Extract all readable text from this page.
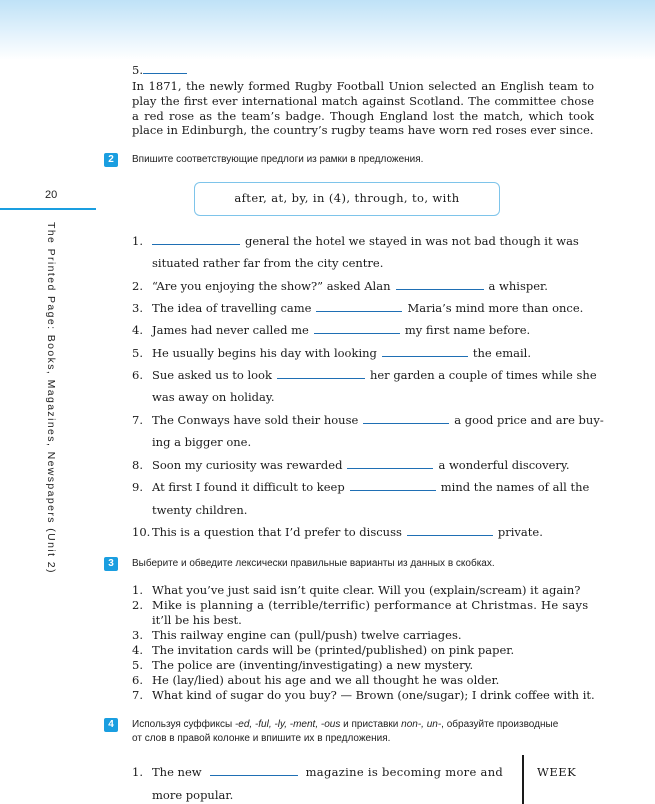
20
The Printed Page: Books, Magazines, Newspapers (Unit 2)
5.
In 1871, the newly formed Rugby Football Union selected an English team to play the first ever international match against Scotland. The committee chose a red rose as the team’s badge. Though England lost the match, which took place in Edinburgh, the country’s rugby teams have worn red roses ever since.
2	Впишите соответствующие предлоги из рамки в предложения.
after, at, by, in (4), through, to, with
1.	general the hotel we stayed in was not bad though it was
situated rather far from the city centre.
2. “Are you enjoying the show?” asked Alan	a whisper.
3. The idea of travelling came	Maria’s mind more than once.
4. James had never called me	my first name before.
5. He usually begins his day with looking	the email.
6. Sue asked us to look	her garden a couple of times while she
was away on holiday.
7. The Conways have sold their house	a good price and are buy-
ing a bigger one.
8. Soon my curiosity was rewarded	a wonderful discovery.
9. At first I found it difficult to keep	mind the names of all the
twenty children.
10. This is a question that I’d prefer to discuss	private.
3	Выберите и обведите лексически правильные варианты из данных в скобках.
1. What you’ve just said isn’t quite clear. Will you (explain/scream) it again?
2. Mike is planning a (terrible/terrific) performance at Christmas. He says
it’ll be his best.
3. This railway engine can (pull/push) twelve carriages.
4. The invitation cards will be (printed/published) on pink paper.
5. The police are (inventing/investigating) a new mystery.
6. He (lay/lied) about his age and we all thought he was older.
7. What kind of sugar do you buy? — Brown (one/sugar); I drink coffee with it.
4	Используя суффиксы -ed, -ful, -ly, -ment, -ous и приставки non-, un-, образуйте производные
от слов в правой колонке и впишите их в предложения.
1. The new	magazine is becoming more and
more popular.
WEEK
